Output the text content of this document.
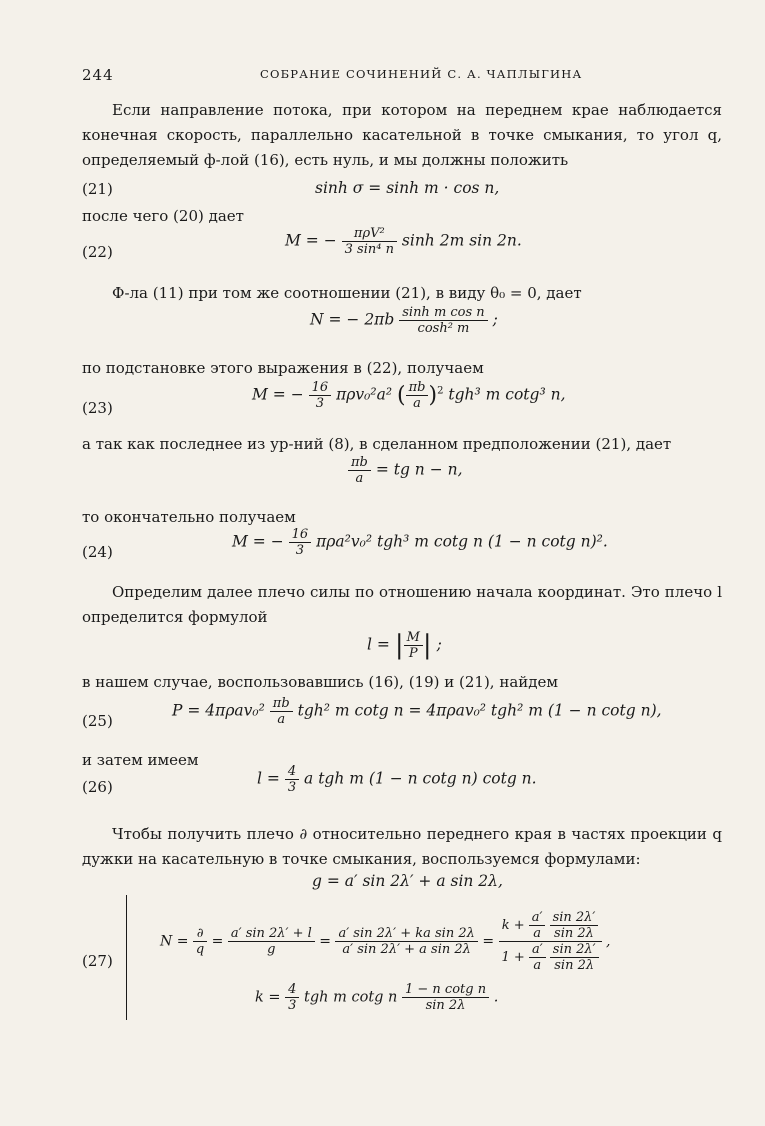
244	СОБРАНИЕ СОЧИНЕНИЙ С. А. ЧАПЛЫГИНА
Если направление потока, при котором на переднем крае наблюдается конечная скорость, параллельно касательной в точке смыкания, то угол q, определяемый ф-лой (16), есть нуль, и мы должны положить
(21)	sinh σ = sinh m · cos n,
после чего (20) дает
(22)
M = − $\frac{\text{πρV²}}{\text{3 sin⁴ n}}$ sinh 2m sin 2n.
Ф-ла (11) при том же соотношении (21), в виду θ₀ = 0, дает
N = − $2\pi b \frac{\text{sinh m cos n}}{\text{cosh² m}}$ ;
по подстановке этого выражения в (22), получаем
(23)
M = − $\frac{16}{3} \pi\rho v_0^2a^2$ ( $\frac{\pi b}{a} )^2$ tgh³ m cotg³ n,
а так как последнее из ур-ний (8), в сделанном предположении (21), дает
$\frac{\pi b}{a}$ = tg n − n,
то окончательно получаем
(24)
M = − $\frac{16}{3} \pi\rho a^2v_0^2$ tgh³ m cotg n (1 − n cotg n)².
Определим далее плечо силы по отношению начала координат. Это плечо l определится формулой
l = | $\frac{M}{P}$ | ;
в нашем случае, воспользовавшись (16), (19) и (21), найдем
(25)
$P = 4\pi\rho av_0^2 \frac{\pi b}{a} tgh^2$ m cotg n = 4πρav₀² tgh² m (1 − n cotg n),
и затем имеем
(26)	$l = \frac{4}{3}$ a tgh m (1 − n cotg n) cotg n.
Чтобы получить плечо ∂ относительно переднего края в частях проекции q дужки на касательную в точке смыкания, воспользуемся формулами:
g = a′ sin 2λ′ + a sin 2λ,
(27)
$N = \frac{\partial}{q} = \frac{a' \sin 2\lambda' + l}{g} = \frac{\text{a′ sin 2λ′ + ka sin 2λ}}{\text{a′ sin 2λ′ + a sin 2λ}} = k + \frac{a'}{a}$
$\frac{\sin 2\lambda'}{\sin 2\lambda}$
$1 + \frac{a'}{a}$
$\frac{\sin 2\lambda'}{\sin 2\lambda}$ ,
$k = \frac{4}{3}$ tgh m cotg n $\frac{\text{1 − n cotg n}}{\sin 2\lambda}$ .
